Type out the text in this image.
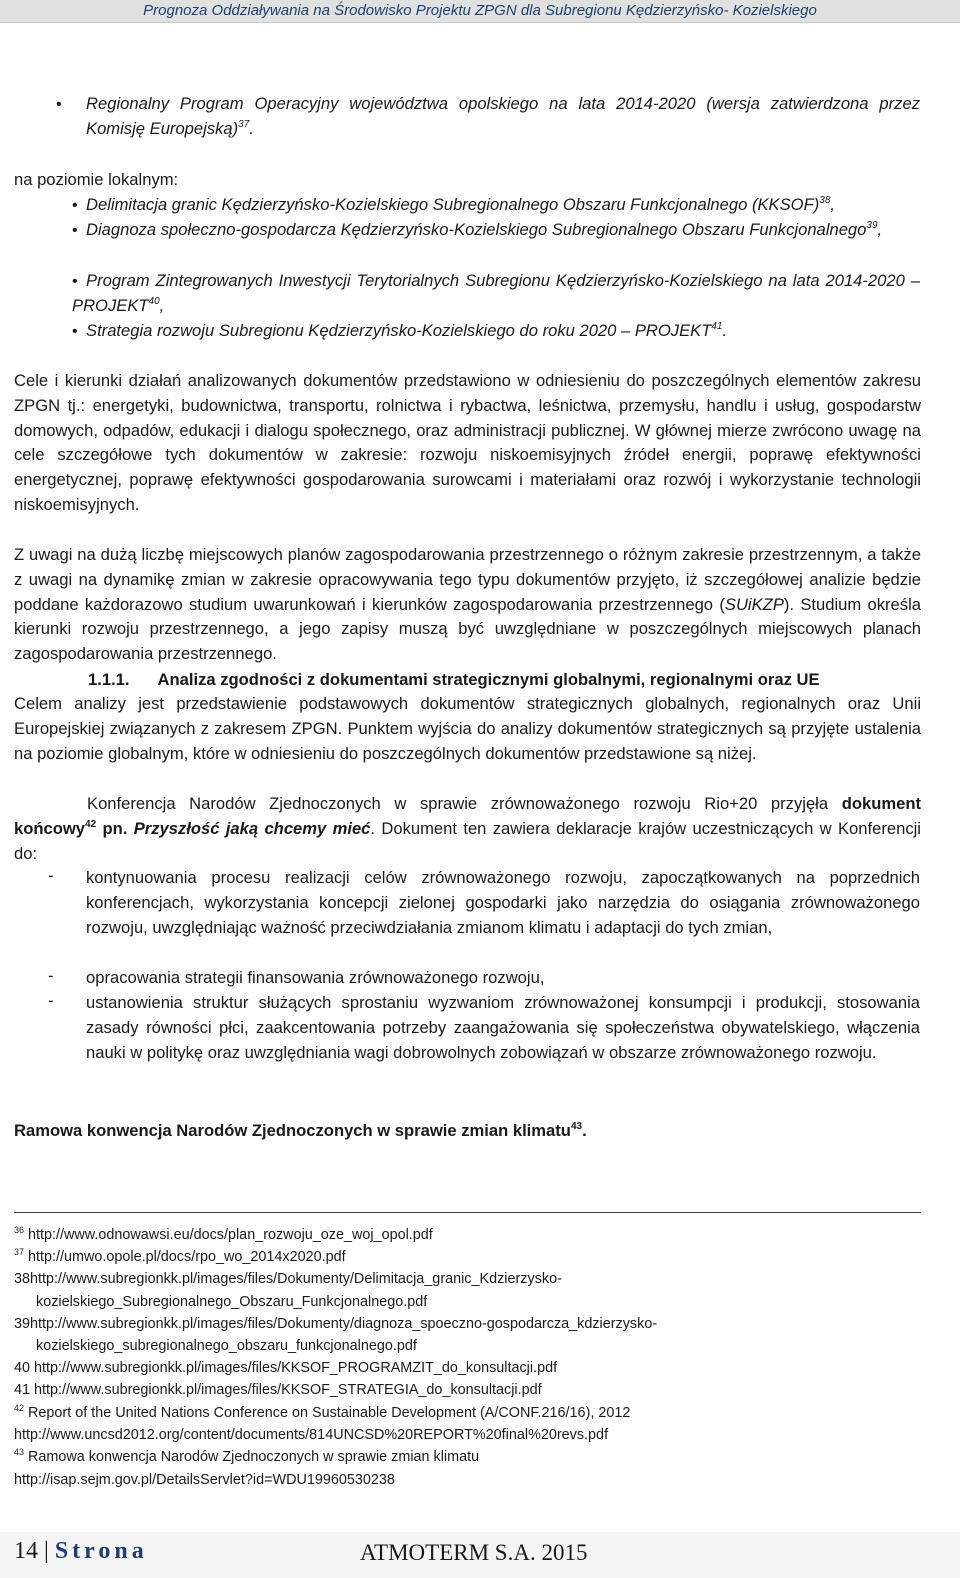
Prognoza Oddziaływania na Środowisko Projektu ZPGN dla Subregionu Kędzierzyńsko- Kozielskiego
• Regionalny Program Operacyjny województwa opolskiego na lata 2014-2020 (wersja zatwierdzona przez Komisję Europejską)$^{37}$.

na poziomie lokalnym:

• Delimitacja granic Kędzierzyńsko-Kozielskiego Subregionalnego Obszaru Funkcjonalnego (KKSOF)$^{38}$,

• Diagnoza społeczno-gospodarcza Kędzierzyńsko-Kozielskiego Subregionalnego Obszaru Funkcjonalnego$^{39}$,

• Program Zintegrowanych Inwestycji Terytorialnych Subregionu Kędzierzyńsko-Kozielskiego na lata 2014-2020 – PROJEKT$^{40}$,

• Strategia rozwoju Subregionu Kędzierzyńsko-Kozielskiego do roku 2020 – PROJEKT$^{41}$.

Cele i kierunki działań analizowanych dokumentów przedstawiono w odniesieniu do poszczególnych elementów zakresu ZPGN tj.: energetyki, budownictwa, transportu, rolnictwa i rybactwa, leśnictwa, przemysłu, handlu i usług, gospodarstw domowych, odpadów, edukacji i dialogu społecznego, oraz administracji publicznej. W głównej mierze zwrócono uwagę na cele szczegółowe tych dokumentów w zakresie: rozwoju niskoemisyjnych źródeł energii, poprawę efektywności energetycznej, poprawę efektywności gospodarowania surowcami i materiałami oraz rozwój i wykorzystanie technologii niskoemisyjnych.

Z uwagi na dużą liczbę miejscowych planów zagospodarowania przestrzennego o różnym zakresie przestrzennym, a także z uwagi na dynamikę zmian w zakresie opracowywania tego typu dokumentów przyjęto, iż szczegółowej analizie będzie poddane każdorazowo studium uwarunkowań i kierunków zagospodarowania przestrzennego (SUiKZP). Studium określa kierunki rozwoju przestrzennego, a jego zapisy muszą być uwzględniane w poszczególnych miejscowych planach zagospodarowania przestrzennego.

1.1.1. Analiza zgodności z dokumentami strategicznymi globalnymi, regionalnymi oraz UE

Celem analizy jest przedstawienie podstawowych dokumentów strategicznych globalnych, regionalnych oraz Unii Europejskiej związanych z zakresem ZPGN. Punktem wyjścia do analizy dokumentów strategicznych są przyjęte ustalenia na poziomie globalnym, które w odniesieniu do poszczególnych dokumentów przedstawione są niżej.

Konferencja Narodów Zjednoczonych w sprawie zrównoważonego rozwoju Rio+20 przyjęła dokument końcowy$^{42}$ pn. Przyszłość jaką chcemy mieć. Dokument ten zawiera deklaracje krajów uczestniczących w Konferencji do:

- kontynuowania procesu realizacji celów zrównoważonego rozwoju, zapoczątkowanych na poprzednich konferencjach, wykorzystania koncepcji zielonej gospodarki jako narzędzia do osiągania zrównoważonego rozwoju, uwzględniając ważność przeciwdziałania zmianom klimatu i adaptacji do tych zmian,

- opracowania strategii finansowania zrównoważonego rozwoju,

- ustanowienia struktur służących sprostaniu wyzwaniom zrównoważonej konsumpcji i produkcji, stosowania zasady równości płci, zaakcentowania potrzeby zaangażowania się społeczeństwa obywatelskiego, włączenia nauki w politykę oraz uwzględniania wagi dobrowolnych zobowiązań w obszarze zrównoważonego rozwoju.

Ramowa konwencja Narodów Zjednoczonych w sprawie zmian klimatu$^{43}$.

$^{36}$ http://www.odnowawsi.eu/docs/plan_rozwoju_oze_woj_opol.pdf
$^{37}$ http://umwo.opole.pl/docs/rpo_wo_2014x2020.pdf
38http://www.subregionkk.pl/images/files/Dokumenty/Delimitacja_granic_Kdzierzysko-
kozielskiego_Subregionalnego_Obszaru_Funkcjonalnego.pdf
39http://www.subregionkk.pl/images/files/Dokumenty/diagnoza_spoeczno-gospodarcza_kdzierzysko-
kozielskiego_subregionalnego_obszaru_funkcjonalnego.pdf
40 http://www.subregionkk.pl/images/files/KKSOF_PROGRAMZIT_do_konsultacji.pdf
41 http://www.subregionkk.pl/images/files/KKSOF_STRATEGIA_do_konsultacji.pdf
$^{42}$ Report of the United Nations Conference on Sustainable Development (A/CONF.216/16), 2012
http://www.uncsd2012.org/content/documents/814UNCSD%20REPORT%20final%20revs.pdf
$^{43}$ Ramowa konwencja Narodów Zjednoczonych w sprawie zmian klimatu
http://isap.sejm.gov.pl/DetailsServlet?id=WDU19960530238
14 | Strona	ATMOTERM S.A. 2015
